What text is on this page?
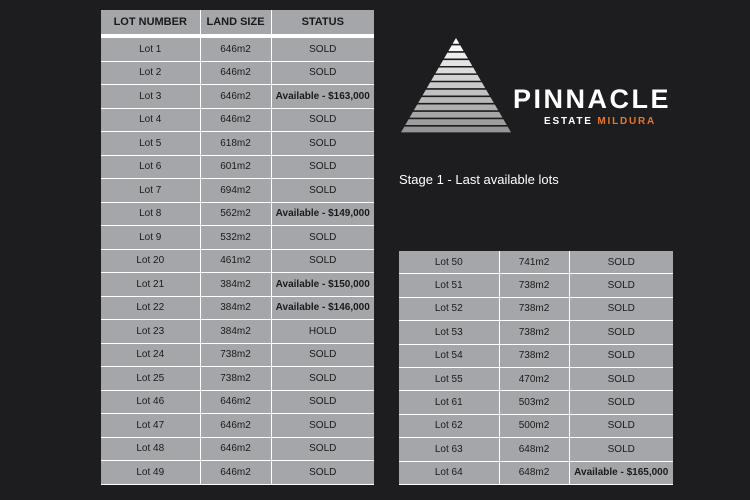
LOT NUMBER	LAND SIZE	STATUS

Lot 1	646m2	SOLD
Lot 2	646m2	SOLD
Lot 3	646m2	Available - $163,000
Lot 4	646m2	SOLD
Lot 5	618m2	SOLD
Lot 6	601m2	SOLD
Lot 7	694m2	SOLD
Lot 8	562m2	Available - $149,000
Lot 9	532m2	SOLD
Lot 20	461m2	SOLD
Lot 21	384m2	Available - $150,000
Lot 22	384m2	Available - $146,000
Lot 23	384m2	HOLD
Lot 24	738m2	SOLD
Lot 25	738m2	SOLD
Lot 46	646m2	SOLD
Lot 47	646m2	SOLD
Lot 48	646m2	SOLD
Lot 49	646m2	SOLD
Lot 50	741m2	SOLD
Lot 51	738m2	SOLD
Lot 52	738m2	SOLD
Lot 53	738m2	SOLD
Lot 54	738m2	SOLD
Lot 55	470m2	SOLD
Lot 61	503m2	SOLD
Lot 62	500m2	SOLD
Lot 63	648m2	SOLD
Lot 64	648m2	Available - $165,000
PINNACLE
ESTATE MILDURA
Stage 1 - Last available lots
